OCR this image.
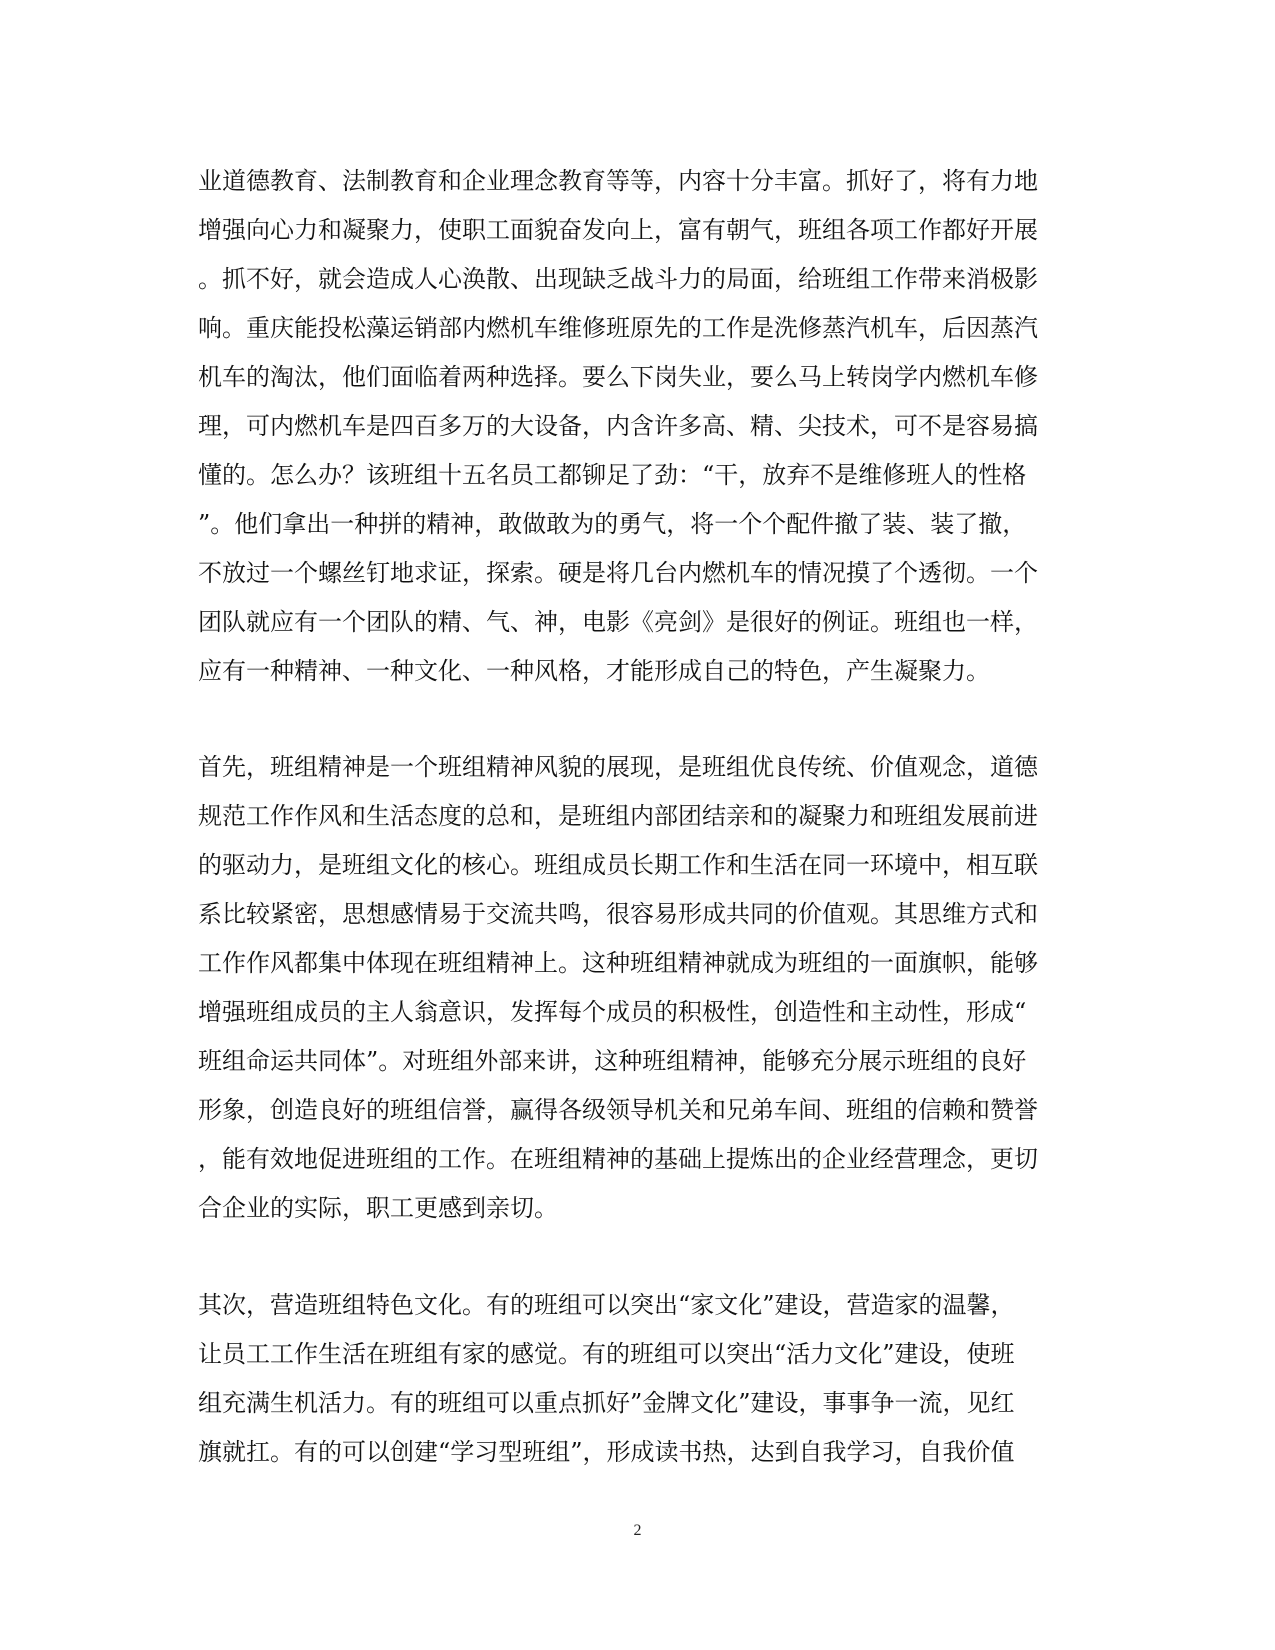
业道德教育、法制教育和企业理念教育等等，内容十分丰富。抓好了，将有力地
增强向心力和凝聚力，使职工面貌奋发向上，富有朝气，班组各项工作都好开展
。抓不好，就会造成人心涣散、出现缺乏战斗力的局面，给班组工作带来消极影
响。重庆能投松藻运销部内燃机车维修班原先的工作是洗修蒸汽机车，后因蒸汽
机车的淘汰，他们面临着两种选择。要么下岗失业，要么马上转岗学内燃机车修
理，可内燃机车是四百多万的大设备，内含许多高、精、尖技术，可不是容易搞
懂的。怎么办？该班组十五名员工都铆足了劲：“干，放弃不是维修班人的性格
”。他们拿出一种拼的精神，敢做敢为的勇气，将一个个配件撤了装、装了撤，
不放过一个螺丝钉地求证，探索。硬是将几台内燃机车的情况摸了个透彻。一个
团队就应有一个团队的精、气、神，电影《亮剑》是很好的例证。班组也一样，
应有一种精神、一种文化、一种风格，才能形成自己的特色，产生凝聚力。
首先，班组精神是一个班组精神风貌的展现，是班组优良传统、价值观念，道德
规范工作作风和生活态度的总和，是班组内部团结亲和的凝聚力和班组发展前进
的驱动力，是班组文化的核心。班组成员长期工作和生活在同一环境中，相互联
系比较紧密，思想感情易于交流共鸣，很容易形成共同的价值观。其思维方式和
工作作风都集中体现在班组精神上。这种班组精神就成为班组的一面旗帜，能够
增强班组成员的主人翁意识，发挥每个成员的积极性，创造性和主动性，形成“
班组命运共同体”。对班组外部来讲，这种班组精神，能够充分展示班组的良好
形象，创造良好的班组信誉，赢得各级领导机关和兄弟车间、班组的信赖和赞誉
，能有效地促进班组的工作。在班组精神的基础上提炼出的企业经营理念，更切
合企业的实际，职工更感到亲切。
其次，营造班组特色文化。有的班组可以突出“家文化”建设，营造家的温馨，
让员工工作生活在班组有家的感觉。有的班组可以突出“活力文化”建设，使班
组充满生机活力。有的班组可以重点抓好”金牌文化”建设，事事争一流，见红
旗就扛。有的可以创建“学习型班组”，形成读书热，达到自我学习，自我价值
2
